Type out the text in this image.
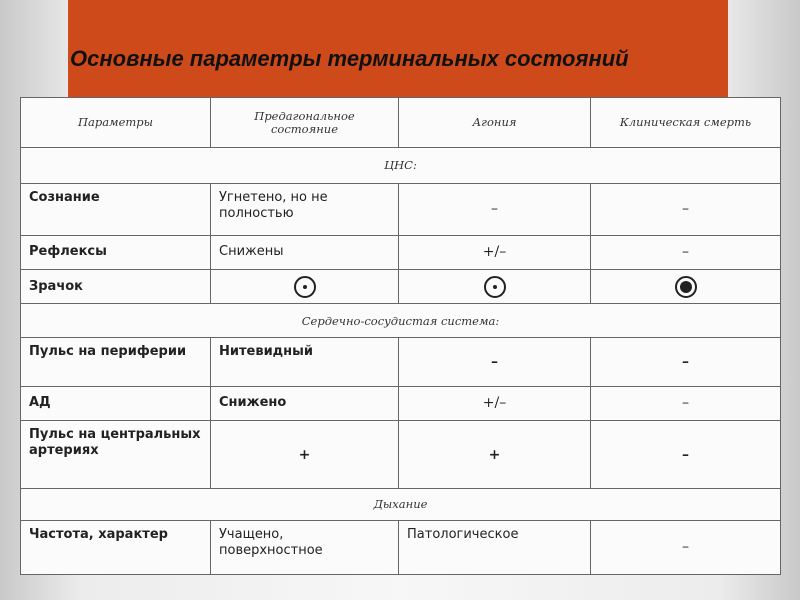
Основные параметры терминальных состояний
Параметры	Предагональное состояние	Агония	Клиническая смерть
ЦНС:			
Сознание	Угнетено, но не полностью	–	–
Рефлексы	Снижены	+/–	–
Зрачок	

Сердечно-сосудистая система:			
Пульс на периферии	Нитевидный	–	–
АД	Снижено	+/–	–
Пульс на центральных артериях	+	+	–
Дыхание			
Частота, характер	Учащено, поверхностное	Патологическое	–
